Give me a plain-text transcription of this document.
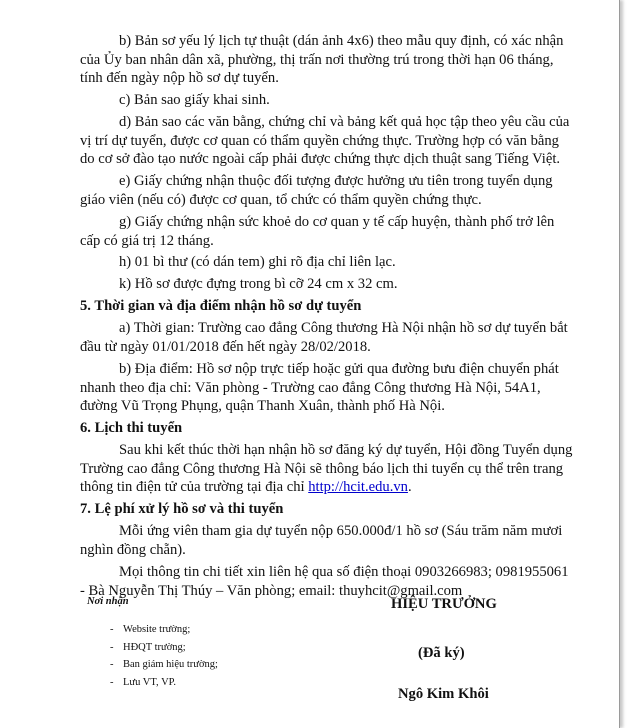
b) Bản sơ yếu lý lịch tự thuật (dán ảnh 4x6) theo mẫu quy định, có xác nhận của Ủy ban nhân dân xã, phường, thị trấn nơi thường trú trong thời hạn 06 tháng, tính đến ngày nộp hồ sơ dự tuyển.

c) Bản sao giấy khai sinh.

d) Bản sao các văn bằng, chứng chỉ và bảng kết quả học tập theo yêu cầu của vị trí dự tuyển, được cơ quan có thẩm quyền chứng thực. Trường hợp có văn bằng do cơ sở đào tạo nước ngoài cấp phải được chứng thực dịch thuật sang Tiếng Việt.

e) Giấy chứng nhận thuộc đối tượng được hưởng ưu tiên trong tuyển dụng giáo viên (nếu có) được cơ quan, tổ chức có thẩm quyền chứng thực.

g) Giấy chứng nhận sức khoẻ do cơ quan y tế cấp huyện, thành phố trở lên cấp có giá trị 12 tháng.

h) 01 bì thư (có dán tem) ghi rõ địa chỉ liên lạc.

k) Hồ sơ được đựng trong bì cỡ 24 cm x 32 cm.

5. Thời gian và địa điểm nhận hồ sơ dự tuyển

a) Thời gian: Trường cao đẳng Công thương Hà Nội nhận hồ sơ dự tuyển bắt đầu từ ngày 01/01/2018 đến hết ngày 28/02/2018.

b) Địa điểm: Hồ sơ nộp trực tiếp hoặc gửi qua đường bưu điện chuyển phát nhanh theo địa chỉ: Văn phòng - Trường cao đẳng Công thương Hà Nội, 54A1, đường Vũ Trọng Phụng, quận Thanh Xuân, thành phố Hà Nội.

6. Lịch thi tuyển

Sau khi kết thúc thời hạn nhận hồ sơ đăng ký dự tuyển, Hội đồng Tuyển dụng Trường cao đẳng Công thương Hà Nội sẽ thông báo lịch thi tuyển cụ thể trên trang thông tin điện tử của trường tại địa chỉ http://hcit.edu.vn.

7. Lệ phí xử lý hồ sơ và thi tuyển

Mỗi ứng viên tham gia dự tuyển nộp 650.000đ/1 hồ sơ (Sáu trăm năm mươi nghìn đồng chẵn).

Mọi thông tin chi tiết xin liên hệ qua số điện thoại 0903266983; 0981955061 - Bà Nguyễn Thị Thúy – Văn phòng; email: thuyhcit@gmail.com

Nơi nhận
- Website trường;
- HĐQT trường;
- Ban giám hiệu trường;
- Lưu VT, VP.
HIỆU TRƯỞNG
(Đã ký)
Ngô Kim Khôi
